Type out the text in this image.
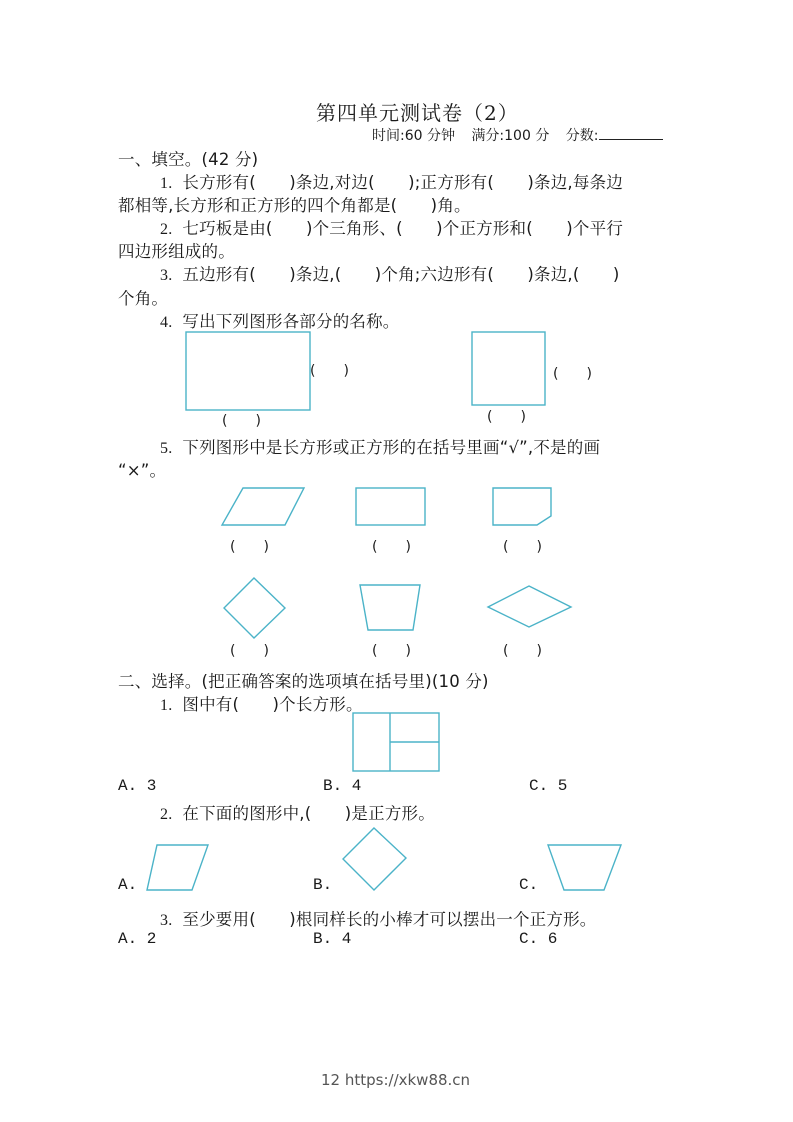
第四单元测试卷（2）
时间:60 分钟 满分:100 分 分数:
一、填空。(42 分)
1. 长方形有(　　)条边,对边(　　);正方形有(　　)条边,每条边
都相等,长方形和正方形的四个角都是(　　)角。
2. 七巧板是由(　　)个三角形、(　　)个正方形和(　　)个平行
四边形组成的。
3. 五边形有(　　)条边,(　　)个角;六边形有(　　)条边,(　　)
个角。
4. 写出下列图形各部分的名称。
(　　)
(　　)
(　　)
(　　)
5. 下列图形中是长方形或正方形的在括号里画“√”,不是的画
“×”。
(　　)	(　　)	(　　)
(　　)	(　　)	(　　)
二、选择。(把正确答案的选项填在括号里)(10 分)
1. 图中有(　　)个长方形。
A. 3	B. 4	C. 5
2. 在下面的图形中,(　　)是正方形。
A.	B.	C.
3. 至少要用(　　)根同样长的小棒才可以摆出一个正方形。
A. 2	B. 4	C. 6
12 https://xkw88.cn
